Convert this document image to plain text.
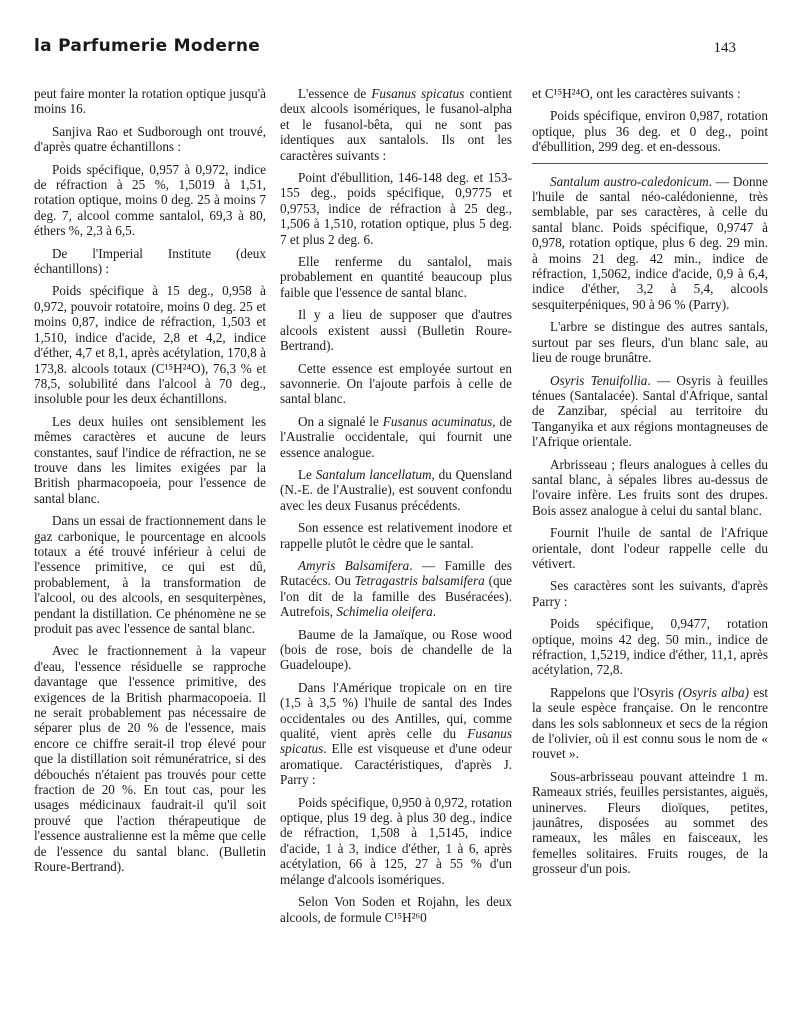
la Parfumerie Moderne	143

peut faire monter la rotation optique jusqu'à moins 16.

Sanjiva Rao et Sudborough ont trouvé, d'après quatre échantillons :

Poids spécifique, 0,957 à 0,972, indice de réfraction à 25 %, 1,5019 à 1,51, rotation optique, moins 0 deg. 25 à moins 7 deg. 7, alcool comme santalol, 69,3 à 80, éthers %, 2,3 à 6,5.

De l'Imperial Institute (deux échantillons) :

Poids spécifique à 15 deg., 0,958 à 0,972, pouvoir rotatoire, moins 0 deg. 25 et moins 0,87, indice de réfraction, 1,503 et 1,510, indice d'acide, 2,8 et 4,2, indice d'éther, 4,7 et 8,1, après acétylation, 170,8 à 173,8. alcools totaux (C¹⁵H²⁴O), 76,3 % et 78,5, solubilité dans l'alcool à 70 deg., insoluble pour les deux échantillons.

Les deux huiles ont sensiblement les mêmes caractères et aucune de leurs constantes, sauf l'indice de réfraction, ne se trouve dans les limites exigées par la British pharmacopoeia, pour l'essence de santal blanc.

Dans un essai de fractionnement dans le gaz carbonique, le pourcentage en alcools totaux a été trouvé inférieur à celui de l'essence primitive, ce qui est dû, probablement, à la transformation de l'alcool, ou des alcools, en sesquiterpènes, pendant la distillation. Ce phénomène ne se produit pas avec l'essence de santal blanc.

Avec le fractionnement à la vapeur d'eau, l'essence résiduelle se rapproche davantage que l'essence primitive, des exigences de la British pharmacopoeia. Il ne serait probablement pas nécessaire de séparer plus de 20 % de l'essence, mais encore ce chiffre serait-il trop élevé pour que la distillation soit rémunératrice, si des débouchés n'étaient pas trouvés pour cette fraction de 20 %. En tout cas, pour les usages médicinaux faudrait-il qu'il soit prouvé que l'action thérapeutique de l'essence australienne est la même que celle de l'essence du santal blanc. (Bulletin Roure-Bertrand).

L'essence de Fusanus spicatus contient deux alcools isomériques, le fusanol-alpha et le fusanol-bêta, qui ne sont pas identiques aux santalols. Ils ont les caractères suivants :

Point d'ébullition, 146-148 deg. et 153-155 deg., poids spécifique, 0,9775 et 0,9753, indice de réfraction à 25 deg., 1,506 à 1,510, rotation optique, plus 5 deg. 7 et plus 2 deg. 6.

Elle renferme du santalol, mais probablement en quantité beaucoup plus faible que l'essence de santal blanc.

Il y a lieu de supposer que d'autres alcools existent aussi (Bulletin Roure-Bertrand).

Cette essence est employée surtout en savonnerie. On l'ajoute parfois à celle de santal blanc.

On a signalé le Fusanus acuminatus, de l'Australie occidentale, qui fournit une essence analogue.

Le Santalum lancellatum, du Quensland (N.-E. de l'Australie), est souvent confondu avec les deux Fusanus précédents.

Son essence est relativement inodore et rappelle plutôt le cèdre que le santal.

Amyris Balsamifera. — Famille des Rutacécs. Ou Tetragastris balsamifera (que l'on dit de la famille des Buséracées). Autrefois, Schimelia oleifera.

Baume de la Jamaïque, ou Rose wood (bois de rose, bois de chandelle de la Guadeloupe).

Dans l'Amérique tropicale on en tire (1,5 à 3,5 %) l'huile de santal des Indes occidentales ou des Antilles, qui, comme qualité, vient après celle du Fusanus spicatus. Elle est visqueuse et d'une odeur aromatique. Caractéristiques, d'après J. Parry :

Poids spécifique, 0,950 à 0,972, rotation optique, plus 19 deg. à plus 30 deg., indice de réfraction, 1,508 à 1,5145, indice d'acide, 1 à 3, indice d'éther, 1 à 6, après acétylation, 66 à 125, 27 à 55 % d'un mélange d'alcools isomériques.

Selon Von Soden et Rojahn, les deux alcools, de formule C¹⁵H²⁶0

et C¹⁵H²⁴O, ont les caractères suivants :

Poids spécifique, environ 0,987, rotation optique, plus 36 deg. et 0 deg., point d'ébullition, 299 deg. et en-dessous.

Santalum austro-caledonicum. — Donne l'huile de santal néo-calédonienne, très semblable, par ses caractères, à celle du santal blanc. Poids spécifique, 0,9747 à 0,978, rotation optique, plus 6 deg. 29 min. à moins 21 deg. 42 min., indice de réfraction, 1,5062, indice d'acide, 0,9 à 6,4, indice d'éther, 3,2 à 5,4, alcools sesquiterpéniques, 90 à 96 % (Parry).

L'arbre se distingue des autres santals, surtout par ses fleurs, d'un blanc sale, au lieu de rouge brunâtre.

Osyris Tenuifollia. — Osyris à feuilles ténues (Santalacée). Santal d'Afrique, santal de Zanzibar, spécial au territoire du Tanganyika et aux régions montagneuses de l'Afrique orientale.

Arbrisseau ; fleurs analogues à celles du santal blanc, à sépales libres au-dessus de l'ovaire infère. Les fruits sont des drupes. Bois assez analogue à celui du santal blanc.

Fournit l'huile de santal de l'Afrique orientale, dont l'odeur rappelle celle du vétivert.

Ses caractères sont les suivants, d'après Parry :

Poids spécifique, 0,9477, rotation optique, moins 42 deg. 50 min., indice de réfraction, 1,5219, indice d'éther, 11,1, après acétylation, 72,8.

Rappelons que l'Osyris (Osyris alba) est la seule espèce française. On le rencontre dans les sols sablonneux et secs de la région de l'olivier, où il est connu sous le nom de « rouvet ».

Sous-arbrisseau pouvant atteindre 1 m. Rameaux striés, feuilles persistantes, aiguës, uninerves. Fleurs dioïques, petites, jaunâtres, disposées au sommet des rameaux, les mâles en faisceaux, les femelles solitaires. Fruits rouges, de la grosseur d'un pois.
